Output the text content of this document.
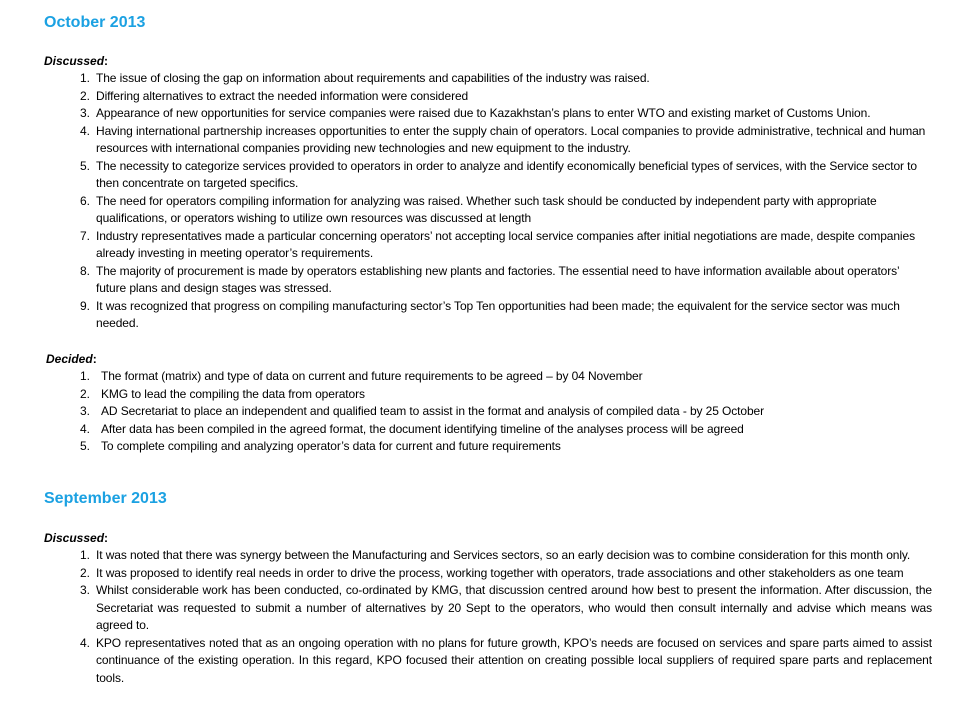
October 2013
Discussed:
1. The issue of closing the gap on information about requirements and capabilities of the industry was raised.
2. Differing alternatives to extract the needed information were considered
3. Appearance of new opportunities for service companies were raised due to Kazakhstan’s plans to enter WTO and existing market of Customs Union.
4. Having international partnership increases opportunities to enter the supply chain of operators. Local companies to provide administrative, technical and human resources with international companies providing new technologies and new equipment to the industry.
5. The necessity to categorize services provided to operators in order to analyze and identify economically beneficial types of services, with the Service sector to then concentrate on targeted specifics.
6. The need for operators compiling information for analyzing was raised. Whether such task should be conducted by independent party with appropriate qualifications, or operators wishing to utilize own resources was discussed at length
7. Industry representatives made a particular concerning operators’ not accepting local service companies after initial negotiations are made, despite companies already investing in meeting operator’s requirements.
8. The majority of procurement is made by operators establishing new plants and factories. The essential need to have information available about operators’ future plans and design stages was stressed.
9. It was recognized that progress on compiling manufacturing sector’s Top Ten opportunities had been made; the equivalent for the service sector was much needed.
Decided:
1. The format (matrix) and type of data on current and future requirements to be agreed – by 04 November
2. KMG to lead the compiling the data from operators
3. AD Secretariat to place an independent and qualified team to assist in the format and analysis of compiled data - by 25 October
4. After data has been compiled in the agreed format, the document identifying timeline of the analyses process will be agreed
5. To complete compiling and analyzing operator’s data for current and future requirements
September 2013
Discussed:
1. It was noted that there was synergy between the Manufacturing and Services sectors, so an early decision was to combine consideration for this month only.
2. It was proposed to identify real needs in order to drive the process, working together with operators, trade associations and other stakeholders as one team
3. Whilst considerable work has been conducted, co-ordinated by KMG, that discussion centred around how best to present the information. After discussion, the Secretariat was requested to submit a number of alternatives by 20 Sept to the operators, who would then consult internally and advise which means was agreed to.
4. KPO representatives noted that as an ongoing operation with no plans for future growth, KPO’s needs are focused on services and spare parts aimed to assist continuance of the existing operation. In this regard, KPO focused their attention on creating possible local suppliers of required spare parts and replacement tools.
